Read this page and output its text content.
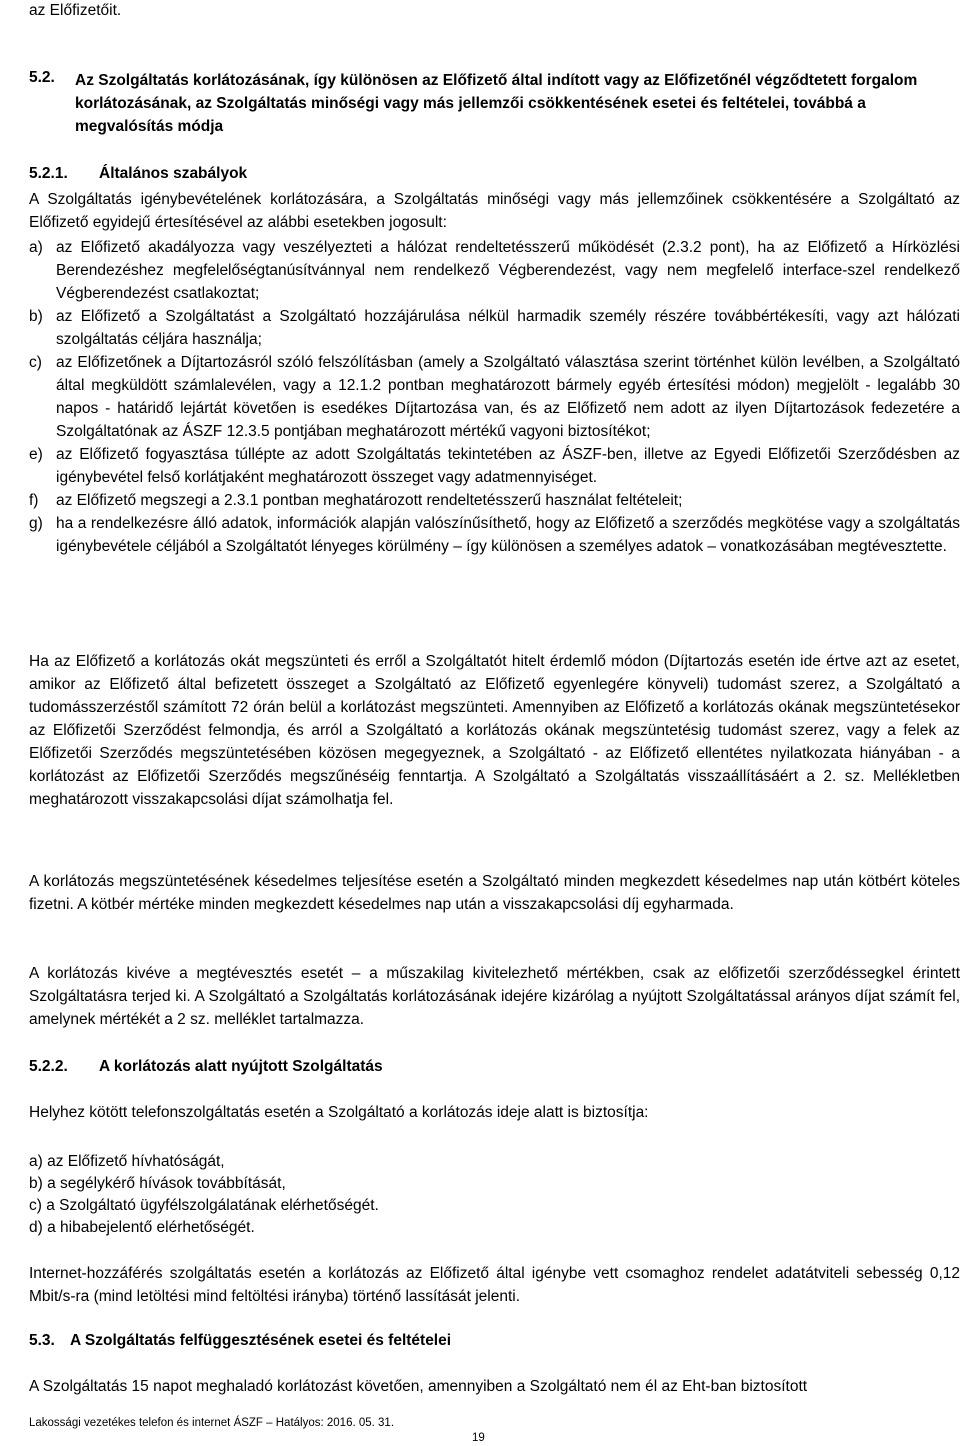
az Előfizetőit.

5.2.	Az Szolgáltatás korlátozásának, így különösen az Előfizető által indított vagy az Előfizetőnél végződtetett forgalom korlátozásának, az Szolgáltatás minőségi vagy más jellemzői csökkentésének esetei és feltételei, továbbá a megvalósítás módja

5.2.1. Általános szabályok

A Szolgáltatás igénybevételének korlátozására, a Szolgáltatás minőségi vagy más jellemzőinek csökkentésére a Szolgáltató az Előfizető egyidejű értesítésével az alábbi esetekben jogosult:

a) az Előfizető akadályozza vagy veszélyezteti a hálózat rendeltetésszerű működését (2.3.2 pont), ha az Előfizető a Hírközlési Berendezéshez megfelelőségtanúsítvánnyal nem rendelkező Végberendezést, vagy nem megfelelő interface-szel rendelkező Végberendezést csatlakoztat;
b) az Előfizető a Szolgáltatást a Szolgáltató hozzájárulása nélkül harmadik személy részére továbbértékesíti, vagy azt hálózati szolgáltatás céljára használja;
c) az Előfizetőnek a Díjtartozásról szóló felszólításban (amely a Szolgáltató választása szerint történhet külön levélben, a Szolgáltató által megküldött számlalevélen, vagy a 12.1.2 pontban meghatározott bármely egyéb értesítési módon) megjelölt - legalább 30 napos - határidő lejártát követően is esedékes Díjtartozása van, és az Előfizető nem adott az ilyen Díjtartozások fedezetére a Szolgáltatónak az ÁSZF 12.3.5 pontjában meghatározott mértékű vagyoni biztosítékot;
e) az Előfizető fogyasztása túllépte az adott Szolgáltatás tekintetében az ÁSZF-ben, illetve az Egyedi Előfizetői Szerződésben az igénybevétel felső korlátjaként meghatározott összeget vagy adatmennyiséget.
f) az Előfizető megszegi a 2.3.1 pontban meghatározott rendeltetésszerű használat feltételeit;
g) ha a rendelkezésre álló adatok, információk alapján valószínűsíthető, hogy az Előfizető a szerződés megkötése vagy a szolgáltatás igénybevétele céljából a Szolgáltatót lényeges körülmény – így különösen a személyes adatok – vonatkozásában megtévesztette.

Ha az Előfizető a korlátozás okát megszünteti és erről a Szolgáltatót hitelt érdemlő módon (Díjtartozás esetén ide értve azt az esetet, amikor az Előfizető által befizetett összeget a Szolgáltató az Előfizető egyenlegére könyveli) tudomást szerez, a Szolgáltató a tudomásszerzéstől számított 72 órán belül a korlátozást megszünteti. Amennyiben az Előfizető a korlátozás okának megszüntetésekor az Előfizetői Szerződést felmondja, és arról a Szolgáltató a korlátozás okának megszüntetésig tudomást szerez, vagy a felek az Előfizetői Szerződés megszüntetésében közösen megegyeznek, a Szolgáltató - az Előfizető ellentétes nyilatkozata hiányában - a korlátozást az Előfizetői Szerződés megszűnéséig fenntartja. A Szolgáltató a Szolgáltatás visszaállításáért a 2. sz. Mellékletben meghatározott visszakapcsolási díjat számolhatja fel.

A korlátozás megszüntetésének késedelmes teljesítése esetén a Szolgáltató minden megkezdett késedelmes nap után kötbért köteles fizetni. A kötbér mértéke minden megkezdett késedelmes nap után a visszakapcsolási díj egyharmada.

A korlátozás kivéve a megtévesztés esetét – a műszakilag kivitelezhető mértékben, csak az előfizetői szerződéssegkel érintett Szolgáltatásra terjed ki. A Szolgáltató a Szolgáltatás korlátozásának idejére kizárólag a nyújtott Szolgáltatással arányos díjat számít fel, amelynek mértékét a 2 sz. melléklet tartalmazza.

5.2.2. A korlátozás alatt nyújtott Szolgáltatás

Helyhez kötött telefonszolgáltatás esetén a Szolgáltató a korlátozás ideje alatt is biztosítja:

a) az Előfizető hívhatóságát,
b) a segélykérő hívások továbbítását,
c) a Szolgáltató ügyfélszolgálatának elérhetőségét.
d) a hibabejelentő elérhetőségét.

Internet-hozzáférés szolgáltatás esetén a korlátozás az Előfizető által igénybe vett csomaghoz rendelet adatátviteli sebesség 0,12 Mbit/s-ra (mind letöltési mind feltöltési irányba) történő lassítását jelenti.

5.3. A Szolgáltatás felfüggesztésének esetei és feltételei

A Szolgáltatás 15 napot meghaladó korlátozást követően, amennyiben a Szolgáltató nem él az Eht-ban biztosított

Lakossági vezetékes telefon és internet ÁSZF – Hatályos: 2016. 05. 31.
19
